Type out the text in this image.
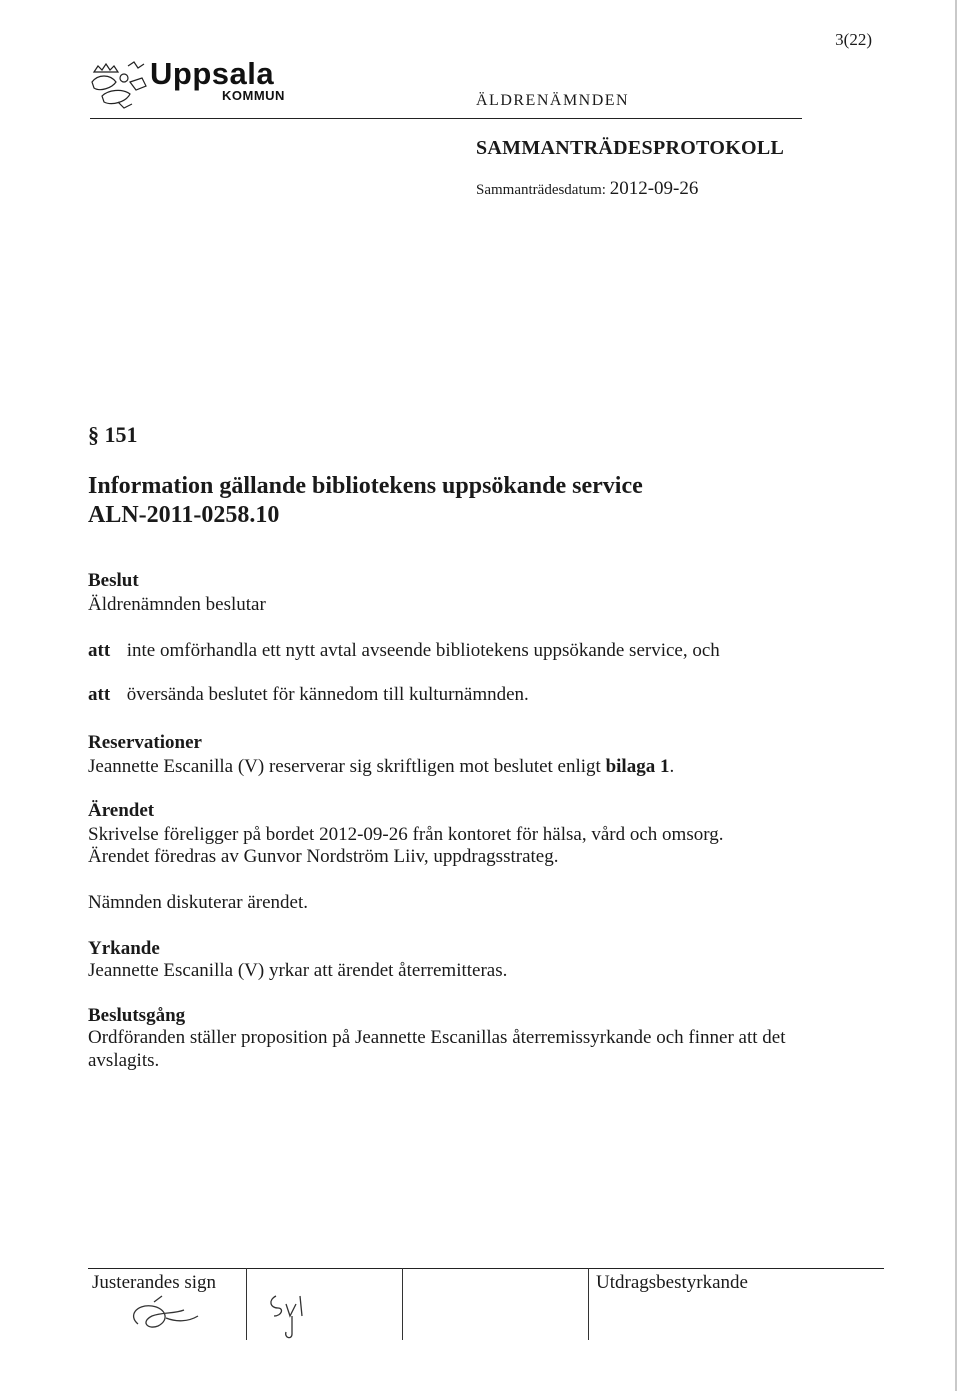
3(22)
Uppsala
KOMMUN	ÄLDRENÄMNDEN
SAMMANTRÄDESPROTOKOLL
Sammanträdesdatum: 2012-09-26
§ 151
Information gällande bibliotekens uppsökande service
ALN-2011-0258.10
Beslut
Äldrenämnden beslutar
att inte omförhandla ett nytt avtal avseende bibliotekens uppsökande service, och
att översända beslutet för kännedom till kulturnämnden.
Reservationer
Jeannette Escanilla (V) reserverar sig skriftligen mot beslutet enligt bilaga 1.
Ärendet
Skrivelse föreligger på bordet 2012-09-26 från kontoret för hälsa, vård och omsorg.
Ärendet föredras av Gunvor Nordström Liiv, uppdragsstrateg.
Nämnden diskuterar ärendet.
Yrkande
Jeannette Escanilla (V) yrkar att ärendet återremitteras.
Beslutsgång
Ordföranden ställer proposition på Jeannette Escanillas återremissyrkande och finner att det
avslagits.
Justerandes sign	Utdragsbestyrkande
